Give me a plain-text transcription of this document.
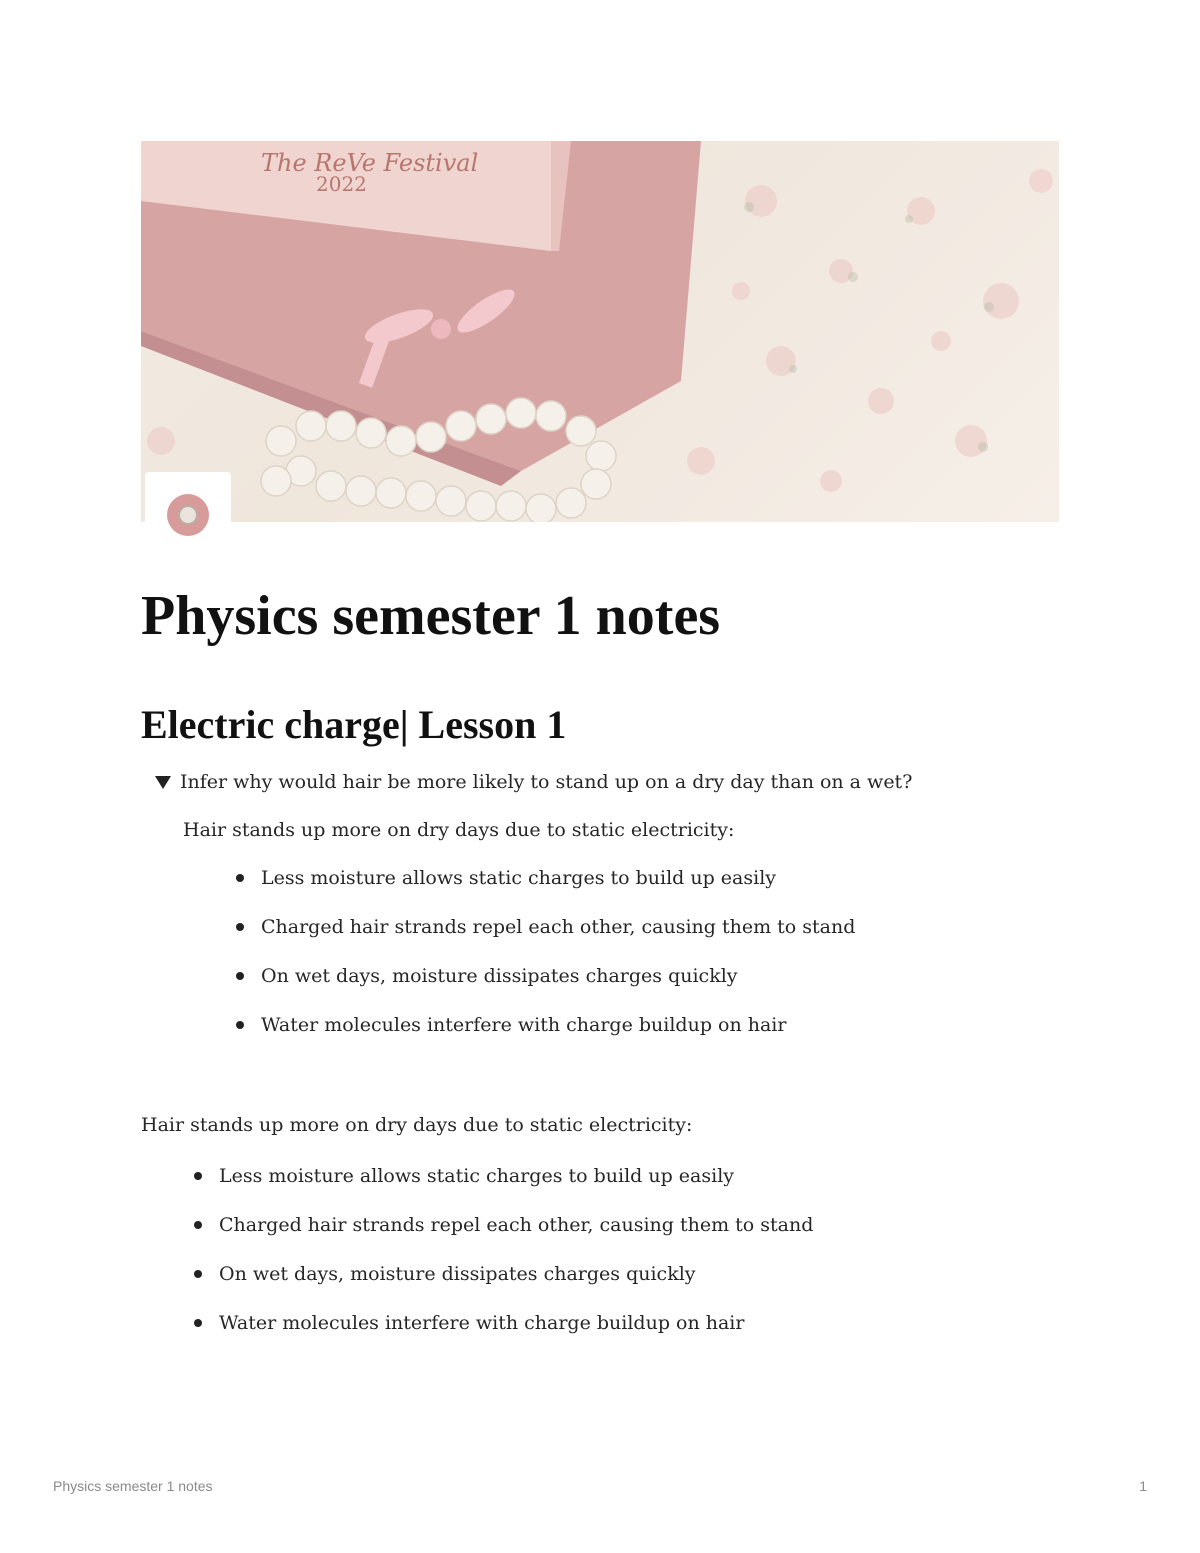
The ReVe Festival
2022
Physics semester 1 notes
Electric charge| Lesson 1
Infer why would hair be more likely to stand up on a dry day than on a wet?

Hair stands up more on dry days due to static electricity:

Less moisture allows static charges to build up easily
Charged hair strands repel each other, causing them to stand
On wet days, moisture dissipates charges quickly
Water molecules interfere with charge buildup on hair

Hair stands up more on dry days due to static electricity:

Less moisture allows static charges to build up easily
Charged hair strands repel each other, causing them to stand
On wet days, moisture dissipates charges quickly
Water molecules interfere with charge buildup on hair
Physics semester 1 notes	1
